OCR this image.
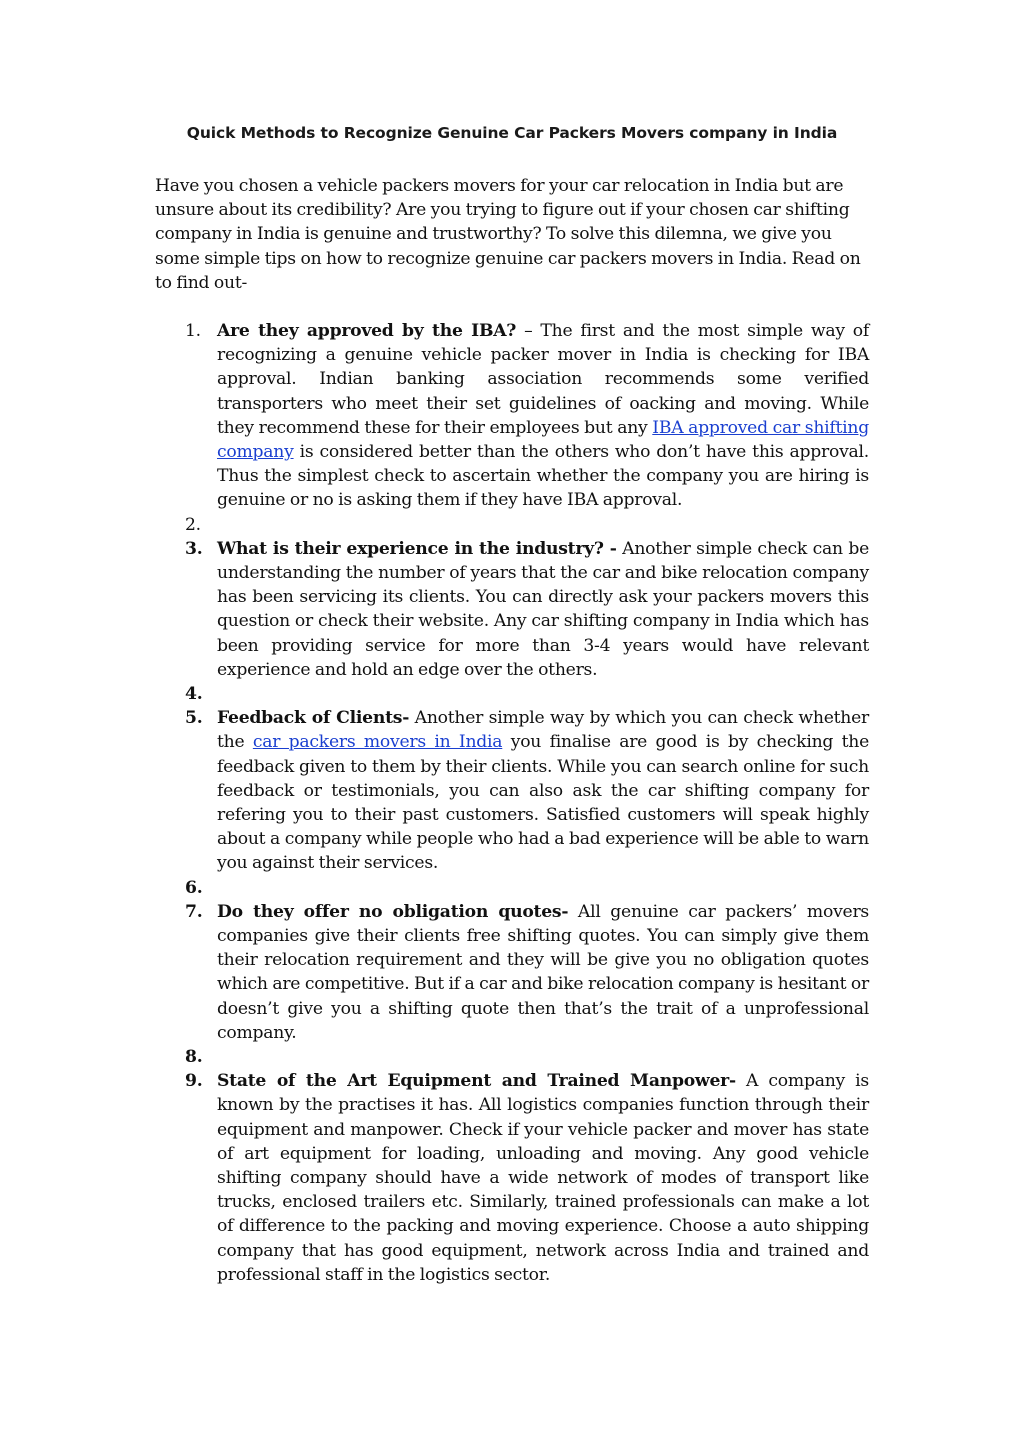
Quick Methods to Recognize Genuine Car Packers Movers company in India

Have you chosen a vehicle packers movers for your car relocation in India but are unsure about its credibility? Are you trying to figure out if your chosen car shifting company in India is genuine and trustworthy? To solve this dilemna, we give you some simple tips on how to recognize genuine car packers movers in India. Read on to find out-

1. Are they approved by the IBA? – The first and the most simple way of recognizing a genuine vehicle packer mover in India is checking for IBA approval. Indian banking association recommends some verified transporters who meet their set guidelines of oacking and moving. While they recommend these for their employees but any IBA approved car shifting company is considered better than the others who don’t have this approval. Thus the simplest check to ascertain whether the company you are hiring is genuine or no is asking them if they have IBA approval.
2.
3. What is their experience in the industry? - Another simple check can be understanding the number of years that the car and bike relocation company has been servicing its clients. You can directly ask your packers movers this question or check their website. Any car shifting company in India which has been providing service for more than 3-4 years would have relevant experience and hold an edge over the others.
4.
5. Feedback of Clients- Another simple way by which you can check whether the car packers movers in India you finalise are good is by checking the feedback given to them by their clients. While you can search online for such feedback or testimonials, you can also ask the car shifting company for refering you to their past customers. Satisfied customers will speak highly about a company while people who had a bad experience will be able to warn you against their services.
6.
7. Do they offer no obligation quotes- All genuine car packers’ movers companies give their clients free shifting quotes. You can simply give them their relocation requirement and they will be give you no obligation quotes which are competitive. But if a car and bike relocation company is hesitant or doesn’t give you a shifting quote then that’s the trait of a unprofessional company.
8.
9. State of the Art Equipment and Trained Manpower- A company is known by the practises it has. All logistics companies function through their equipment and manpower. Check if your vehicle packer and mover has state of art equipment for loading, unloading and moving. Any good vehicle shifting company should have a wide network of modes of transport like trucks, enclosed trailers etc. Similarly, trained professionals can make a lot of difference to the packing and moving experience. Choose a auto shipping company that has good equipment, network across India and trained and professional staff in the logistics sector.
